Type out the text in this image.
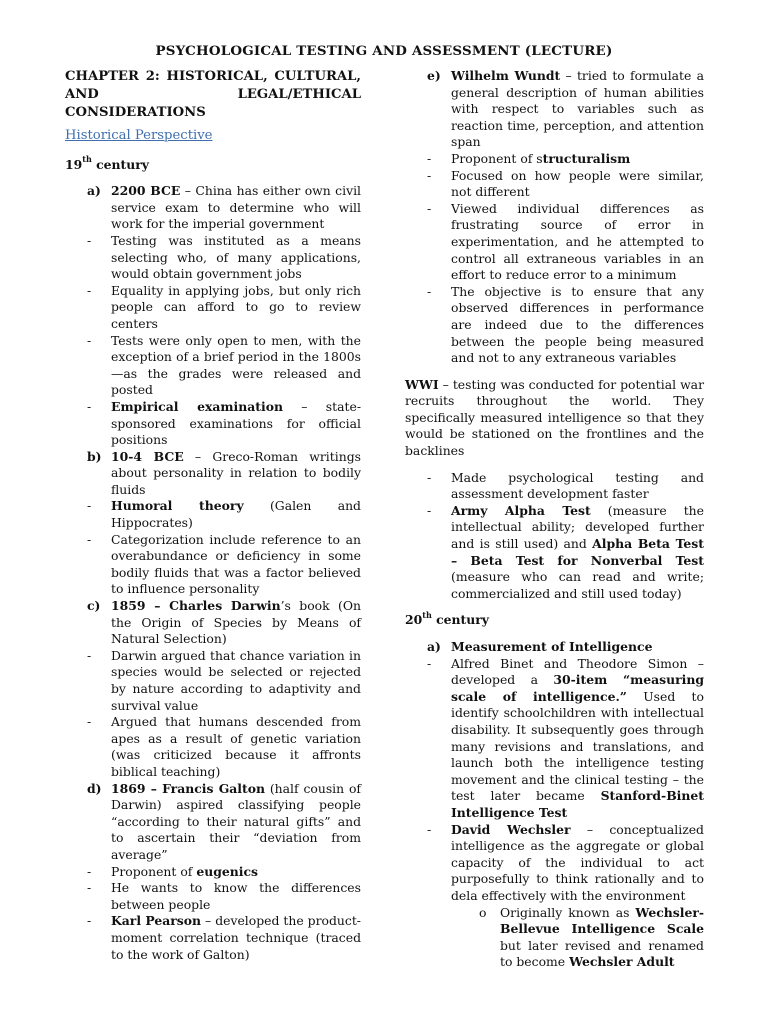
PSYCHOLOGICAL TESTING AND ASSESSMENT (LECTURE)
CHAPTER 2: HISTORICAL, CULTURAL,
AND LEGAL/ETHICAL
CONSIDERATIONS
Historical Perspective
19th century
a) 2200 BCE – China has either own civil service exam to determine who will work for the imperial government
- Testing was instituted as a means selecting who, of many applications, would obtain government jobs
- Equality in applying jobs, but only rich people can afford to go to review centers
- Tests were only open to men, with the exception of a brief period in the 1800s —as the grades were released and posted
- Empirical examination – state-sponsored examinations for official positions
b) 10-4 BCE – Greco-Roman writings about personality in relation to bodily fluids
- Humoral theory (Galen and Hippocrates)
- Categorization include reference to an overabundance or deficiency in some bodily fluids that was a factor believed to influence personality
c) 1859 – Charles Darwin’s book (On the Origin of Species by Means of Natural Selection)
- Darwin argued that chance variation in species would be selected or rejected by nature according to adaptivity and survival value
- Argued that humans descended from apes as a result of genetic variation (was criticized because it affronts biblical teaching)
d) 1869 – Francis Galton (half cousin of Darwin) aspired classifying people “according to their natural gifts” and to ascertain their “deviation from average”
- Proponent of eugenics
- He wants to know the differences between people
- Karl Pearson – developed the product-moment correlation technique (traced to the work of Galton)
e) Wilhelm Wundt – tried to formulate a general description of human abilities with respect to variables such as reaction time, perception, and attention span
- Proponent of structuralism
- Focused on how people were similar, not different
- Viewed individual differences as frustrating source of error in experimentation, and he attempted to control all extraneous variables in an effort to reduce error to a minimum
- The objective is to ensure that any observed differences in performance are indeed due to the differences between the people being measured and not to any extraneous variables
WWI – testing was conducted for potential war recruits throughout the world. They specifically measured intelligence so that they would be stationed on the frontlines and the backlines
- Made psychological testing and assessment development faster
- Army Alpha Test (measure the intellectual ability; developed further and is still used) and Alpha Beta Test – Beta Test for Nonverbal Test (measure who can read and write; commercialized and still used today)
20th century
a) Measurement of Intelligence
- Alfred Binet and Theodore Simon – developed a 30-item “measuring scale of intelligence.” Used to identify schoolchildren with intellectual disability. It subsequently goes through many revisions and translations, and launch both the intelligence testing movement and the clinical testing – the test later became Stanford-Binet Intelligence Test
- David Wechsler – conceptualized intelligence as the aggregate or global capacity of the individual to act purposefully to think rationally and to dela effectively with the environment
o Originally known as Wechsler-Bellevue Intelligence Scale but later revised and renamed to become Wechsler Adult
